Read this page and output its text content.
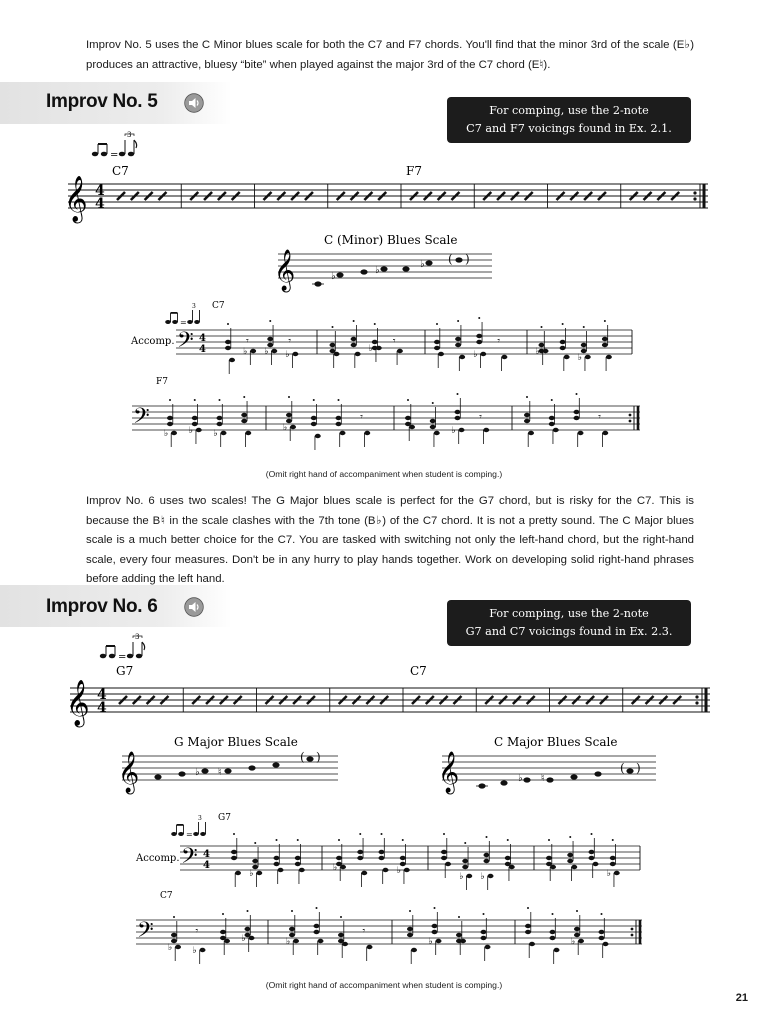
Improv No. 5 uses the C Minor blues scale for both the C7 and F7 chords. You'll find that the minor 3rd of the scale (E♭) produces an attractive, bluesy “bite” when played against the major 3rd of the C7 chord (E♮).
Improv No. 5	For comping, use the 2-note
C7 and F7 voicings found in Ex. 2.1.
=
3
C7	F7
𝄞 4
4
C (Minor) Blues Scale
𝄞	♭
♭
♭ ( )
=
3 C7
Accomp. 𝄢 4
4
𝄾
♭ ♭
𝄾
♭
♭
𝄾
♭
𝄾
♭
♭
F7
𝄢 ♭ ♭ ♭
♭
𝄾
♭
𝄾	𝄾
(Omit right hand of accompaniment when student is comping.)
Improv No. 6 uses two scales! The G Major blues scale is perfect for the G7 chord, but is risky for the C7. This is because the B♮ in the scale clashes with the 7th tone (B♭) of the C7 chord. It is not a pretty sound. The C Major blues scale is a much better choice for the C7. You are tasked with switching not only the left-hand chord, but the right-hand scale, every four measures. Don't be in any hurry to play hands together. Work on developing solid right-hand phrases before adding the left hand.
Improv No. 6	For comping, use the 2-note
G7 and C7 voicings found in Ex. 2.3.
=
3
G7	C7
𝄞 4
4
G Major Blues Scale
𝄞	♭ ♮
( )
C Major Blues Scale
𝄞	♭ ♮
( )
=
3 G7
Accomp. 𝄢 4
4
♭
♭	♭
♭ ♭	♭
C7
𝄢 ♭
𝄾
♭
♭	♭
𝄾
♭	♭
(Omit right hand of accompaniment when student is comping.)
21
